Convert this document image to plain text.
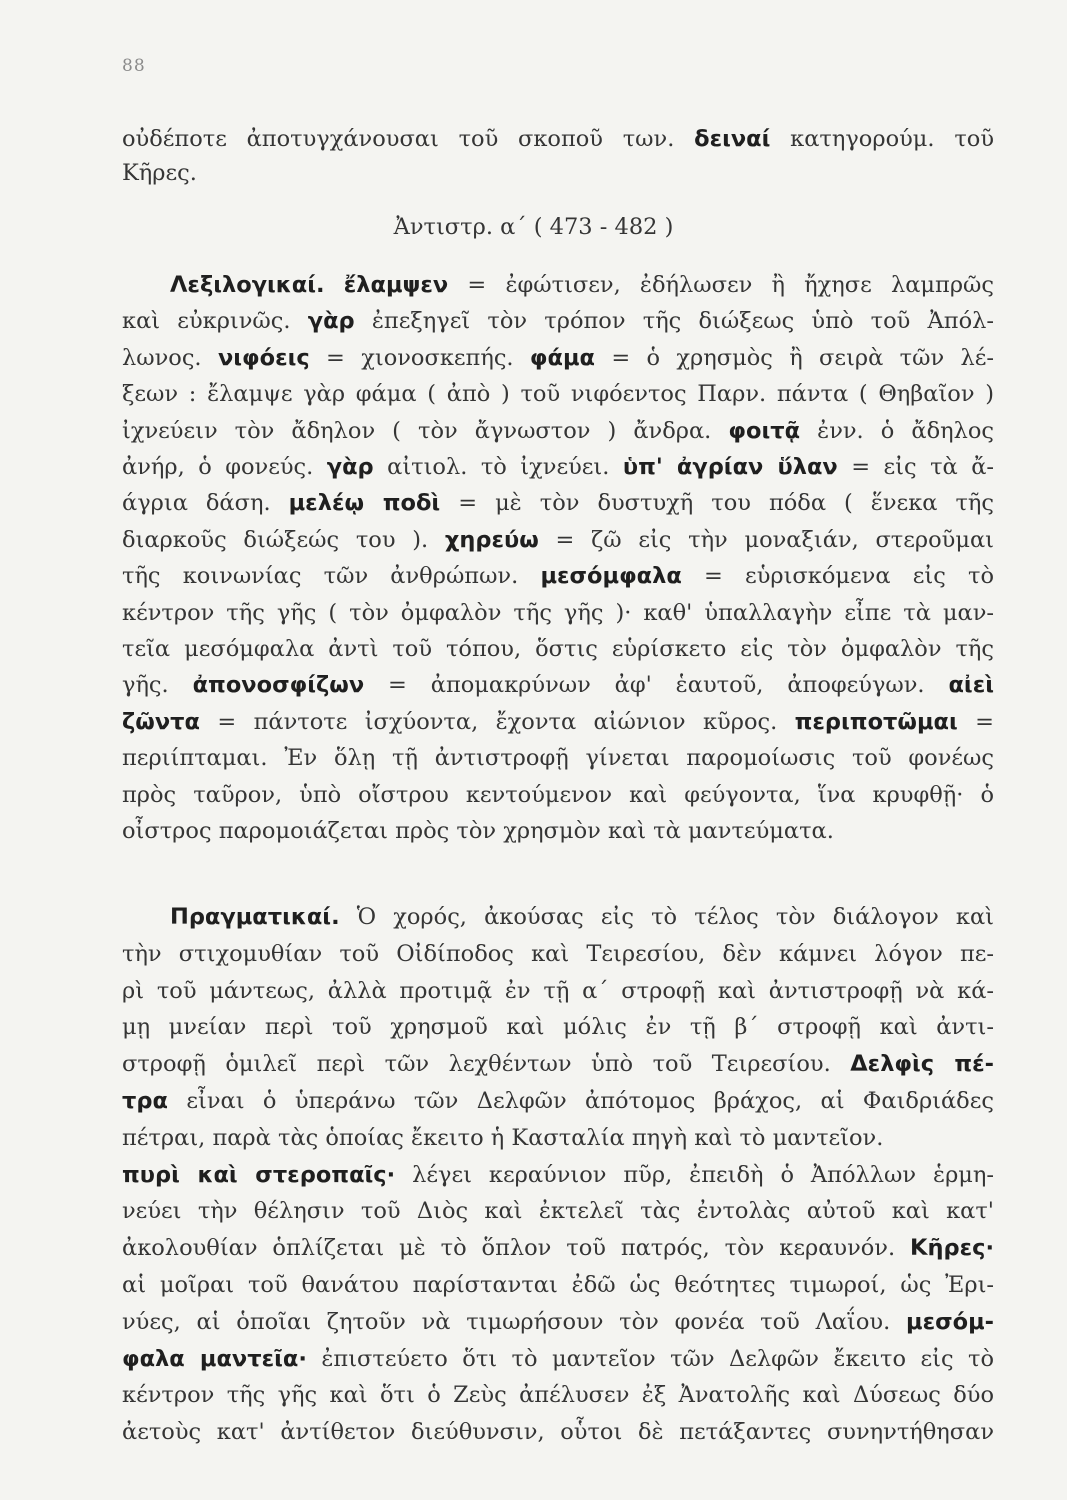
88
οὐδέποτε ἀποτυγχάνουσαι τοῦ σκοποῦ των. δειναί κατηγορούμ. τοῦ
Κῆρες.
Ἀντιστρ. α΄ ( 473 - 482 )
Λεξιλογικαί. ἔλαμψεν = ἐφώτισεν, ἐδήλωσεν ἢ ἤχησε λαμπρῶς
καὶ εὐκρινῶς. γὰρ ἐπεξηγεῖ τὸν τρόπον τῆς διώξεως ὑπὸ τοῦ Ἀπόλ-
λωνος. νιφόεις = χιονοσκεπής. φάμα = ὁ χρησμὸς ἢ σειρὰ τῶν λέ-
ξεων : ἔλαμψε γὰρ φάμα ( ἀπὸ ) τοῦ νιφόεντος Παρν. πάντα ( Θηβαῖον )
ἰχνεύειν τὸν ἄδηλον ( τὸν ἄγνωστον ) ἄνδρα. φοιτᾷ ἐνν. ὁ ἄδηλος
ἀνήρ, ὁ φονεύς. γὰρ αἰτιολ. τὸ ἰχνεύει. ὑπ' ἀγρίαν ὕλαν = εἰς τὰ ἄ-
άγρια δάση. μελέῳ ποδὶ = μὲ τὸν δυστυχῆ του πόδα ( ἕνεκα τῆς
διαρκοῦς διώξεώς του ). χηρεύω = ζῶ εἰς τὴν μοναξιάν, στεροῦμαι
τῆς κοινωνίας τῶν ἀνθρώπων. μεσόμφαλα = εὑρισκόμενα εἰς τὸ
κέντρον τῆς γῆς ( τὸν ὀμφαλὸν τῆς γῆς )· καθ' ὑπαλλαγὴν εἶπε τὰ μαν-
τεῖα μεσόμφαλα ἀντὶ τοῦ τόπου, ὅστις εὑρίσκετο εἰς τὸν ὀμφαλὸν τῆς
γῆς. ἀπονοσφίζων = ἀπομακρύνων ἀφ' ἑαυτοῦ, ἀποφεύγων. αἰεὶ
ζῶντα = πάντοτε ἰσχύοντα, ἔχοντα αἰώνιον κῦρος. περιποτῶμαι =
περιίπταμαι. Ἐν ὅλῃ τῇ ἀντιστροφῇ γίνεται παρομοίωσις τοῦ φονέως
πρὸς ταῦρον, ὑπὸ οἴστρου κεντούμενον καὶ φεύγοντα, ἵνα κρυφθῇ· ὁ
οἶστρος παρομοιάζεται πρὸς τὸν χρησμὸν καὶ τὰ μαντεύματα.
Πραγματικαί. Ὁ χορός, ἀκούσας εἰς τὸ τέλος τὸν διάλογον καὶ
τὴν στιχομυθίαν τοῦ Οἰδίποδος καὶ Τειρεσίου, δὲν κάμνει λόγον πε-
ρὶ τοῦ μάντεως, ἀλλὰ προτιμᾷ ἐν τῇ α΄ στροφῇ καὶ ἀντιστροφῇ νὰ κά-
μῃ μνείαν περὶ τοῦ χρησμοῦ καὶ μόλις ἐν τῇ β΄ στροφῇ καὶ ἀντι-
στροφῇ ὁμιλεῖ περὶ τῶν λεχθέντων ὑπὸ τοῦ Τειρεσίου. Δελφὶς πέ-
τρα εἶναι ὁ ὑπεράνω τῶν Δελφῶν ἀπότομος βράχος, αἱ Φαιδριάδες
πέτραι, παρὰ τὰς ὁποίας ἔκειτο ἡ Κασταλία πηγὴ καὶ τὸ μαντεῖον.
πυρὶ καὶ στεροπαῖς· λέγει κεραύνιον πῦρ, ἐπειδὴ ὁ Ἀπόλλων ἑρμη-
νεύει τὴν θέλησιν τοῦ Διὸς καὶ ἐκτελεῖ τὰς ἐντολὰς αὐτοῦ καὶ κατ'
ἀκολουθίαν ὁπλίζεται μὲ τὸ ὅπλον τοῦ πατρός, τὸν κεραυνόν. Κῆρες·
αἱ μοῖραι τοῦ θανάτου παρίστανται ἐδῶ ὡς θεότητες τιμωροί, ὡς Ἐρι-
νύες, αἱ ὁποῖαι ζητοῦν νὰ τιμωρήσουν τὸν φονέα τοῦ Λαΐου. μεσόμ-
φαλα μαντεῖα· ἐπιστεύετο ὅτι τὸ μαντεῖον τῶν Δελφῶν ἔκειτο εἰς τὸ
κέντρον τῆς γῆς καὶ ὅτι ὁ Ζεὺς ἀπέλυσεν ἐξ Ἀνατολῆς καὶ Δύσεως δύο
ἀετοὺς κατ' ἀντίθετον διεύθυνσιν, οὗτοι δὲ πετάξαντες συνηντήθησαν
